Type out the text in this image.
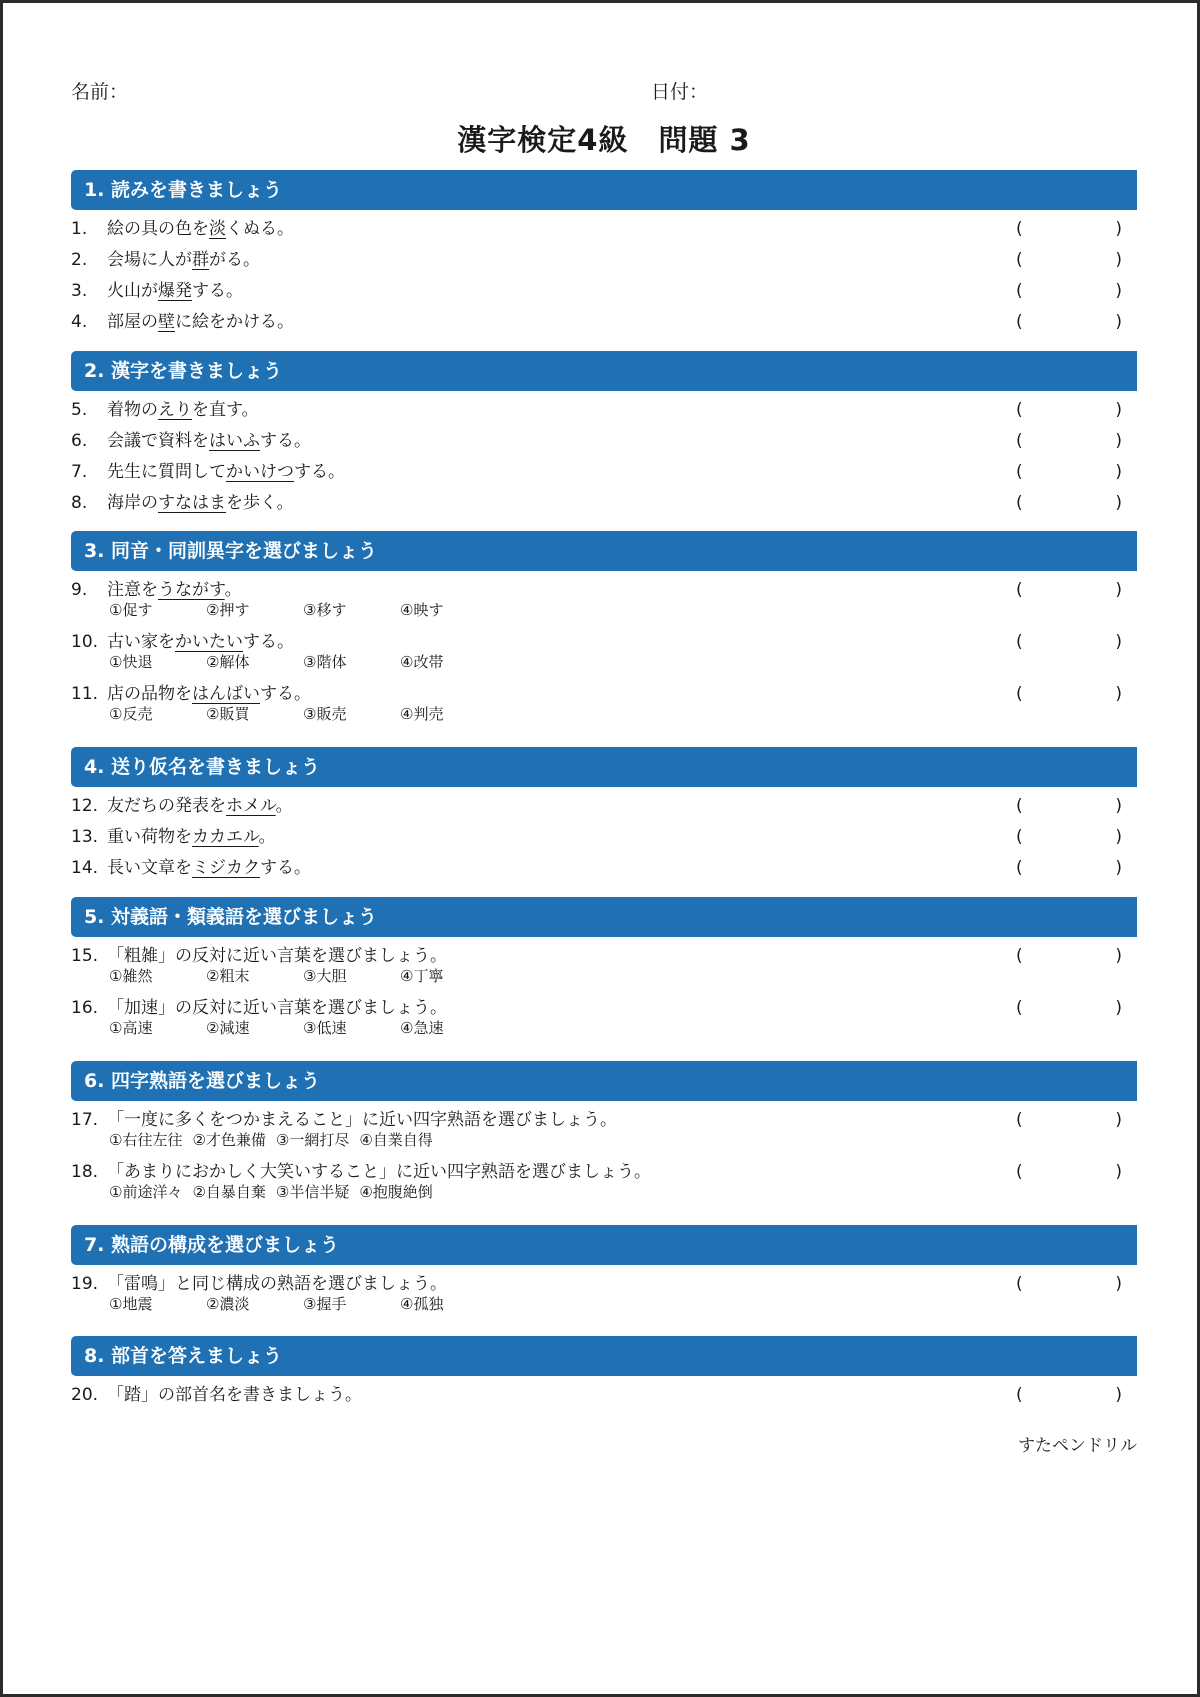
名前：	日付：
漢字検定4級　問題 3
1. 読みを書きましょう
1. 絵の具の色を淡くぬる。	(	)
2. 会場に人が群がる。	(	)
3. 火山が爆発する。	(	)
4. 部屋の壁に絵をかける。	(	)
2. 漢字を書きましょう
5. 着物のえりを直す。	(	)
6. 会議で資料をはいふする。	(	)
7. 先生に質問してかいけつする。	(	)
8. 海岸のすなはまを歩く。	(	)
3. 同音・同訓異字を選びましょう
9. 注意をうながす。	(	)
①促す	②押す	③移す	④映す
10. 古い家をかいたいする。	(	)
①快退	②解体	③階体	④改帯
11. 店の品物をはんばいする。	(	)
①反売	②販買	③販売	④判売
4. 送り仮名を書きましょう
12. 友だちの発表をホメル。	(	)
13. 重い荷物をカカエル。	(	)
14. 長い文章をミジカクする。	(	)
5. 対義語・類義語を選びましょう
15. 「粗雑」の反対に近い言葉を選びましょう。	(	)
①雑然	②粗末	③大胆	④丁寧
16. 「加速」の反対に近い言葉を選びましょう。	(	)
①高速	②減速	③低速	④急速
6. 四字熟語を選びましょう
17. 「一度に多くをつかまえること」に近い四字熟語を選びましょう。	(	)
①右往左往 ②才色兼備 ③一網打尽 ④自業自得
18. 「あまりにおかしく大笑いすること」に近い四字熟語を選びましょう。	(	)
①前途洋々 ②自暴自棄 ③半信半疑 ④抱腹絶倒
7. 熟語の構成を選びましょう
19. 「雷鳴」と同じ構成の熟語を選びましょう。	(	)
①地震	②濃淡	③握手	④孤独
8. 部首を答えましょう
20. 「踏」の部首名を書きましょう。	(	)
すたペンドリル
